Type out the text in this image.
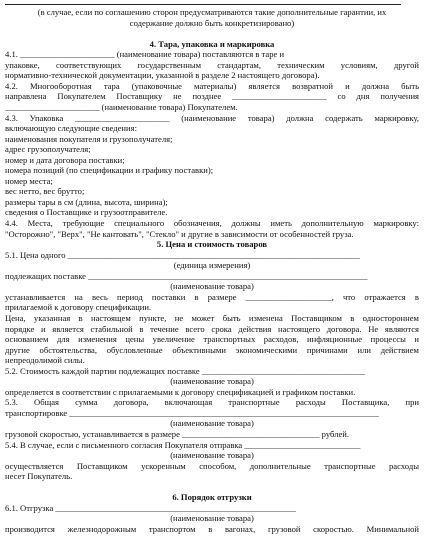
(в случае, если по соглашению сторон предусматриваются такие дополнительные гарантии, их
содержание должно быть конкретизировано)
4. Тара, упаковка и маркировка
4.1. ______________________ (наименование товара) поставляются в таре и
упаковке, соответствующих государственным стандартам, техническим условиям, другой
нормативно-технической документации, указанной в разделе 2 настоящего договора).
4.2. Многооборотная тара (упаковочные материалы) является возвратной и должна быть
направлена Покупателем Поставщику не позднее ______________________ со дня получения
______________________ (наименование товара) Покупателем.
4.3. Упаковка ______________________ (наименование товара) должна содержать маркировку,
включающую следующие сведения:
наименования покупателя и грузополучателя;
адрес грузополучателя;
номер и дата договора поставки;
номера позиций (по спецификации и графику поставки);
номер места;
вес нетто, вес брутто;
размеры тары в см (длина, высота, ширина);
сведения о Поставщике и грузоотправителе.
4.4. Места, требующие специального обозначения, должны иметь дополнительную маркировку:
"Осторожно", "Верх", "Не кантовать", "Стекло" и другие в зависимости от особенностей груза.
5. Цена и стоимость товаров
5.1. Цена одного ____________________________________________________________________
(единица измерения)
подлежащих поставке _________________________________________________________________
(наименование товара)
устанавливается на весь период поставки в размере ____________________, что отражается в
прилагаемой к договору спецификации.
Цена, указанная в настоящем пункте, не может быть изменена Поставщиком в одностороннем
порядке и является стабильной в течение всего срока действия настоящего договора. Не являются
основанием для изменения цены увеличение транспортных расходов, инфляционные процессы и
другие обстоятельства, обусловленные объективными экономическими причинами или действием
непреодолимой силы.
5.2. Стоимость каждой партии подлежащих поставке ______________________________________
(наименование товара)
определяется в соответствии с прилагаемыми к договору спецификацией и графиком поставки.
5.3. Общая сумма договора, включающая транспортные расходы Поставщика, при
транспортировке ________________________________________________________________________
(наименование товара)
грузовой скоростью, устанавливается в размере ________________________________ рублей.
5.4. В случае, если с письменного согласия Покупателя отправка ___________________________
(наименование товара)
осуществляется Поставщиком ускоренным способом, дополнительные транспортные расходы
несет Покупатель.
6. Порядок отгрузки
6.1. Отгрузка ________________________________________________________
(наименование товара)
производится железнодорожным транспортом в вагонах, грузовой скоростью. Минимальной
